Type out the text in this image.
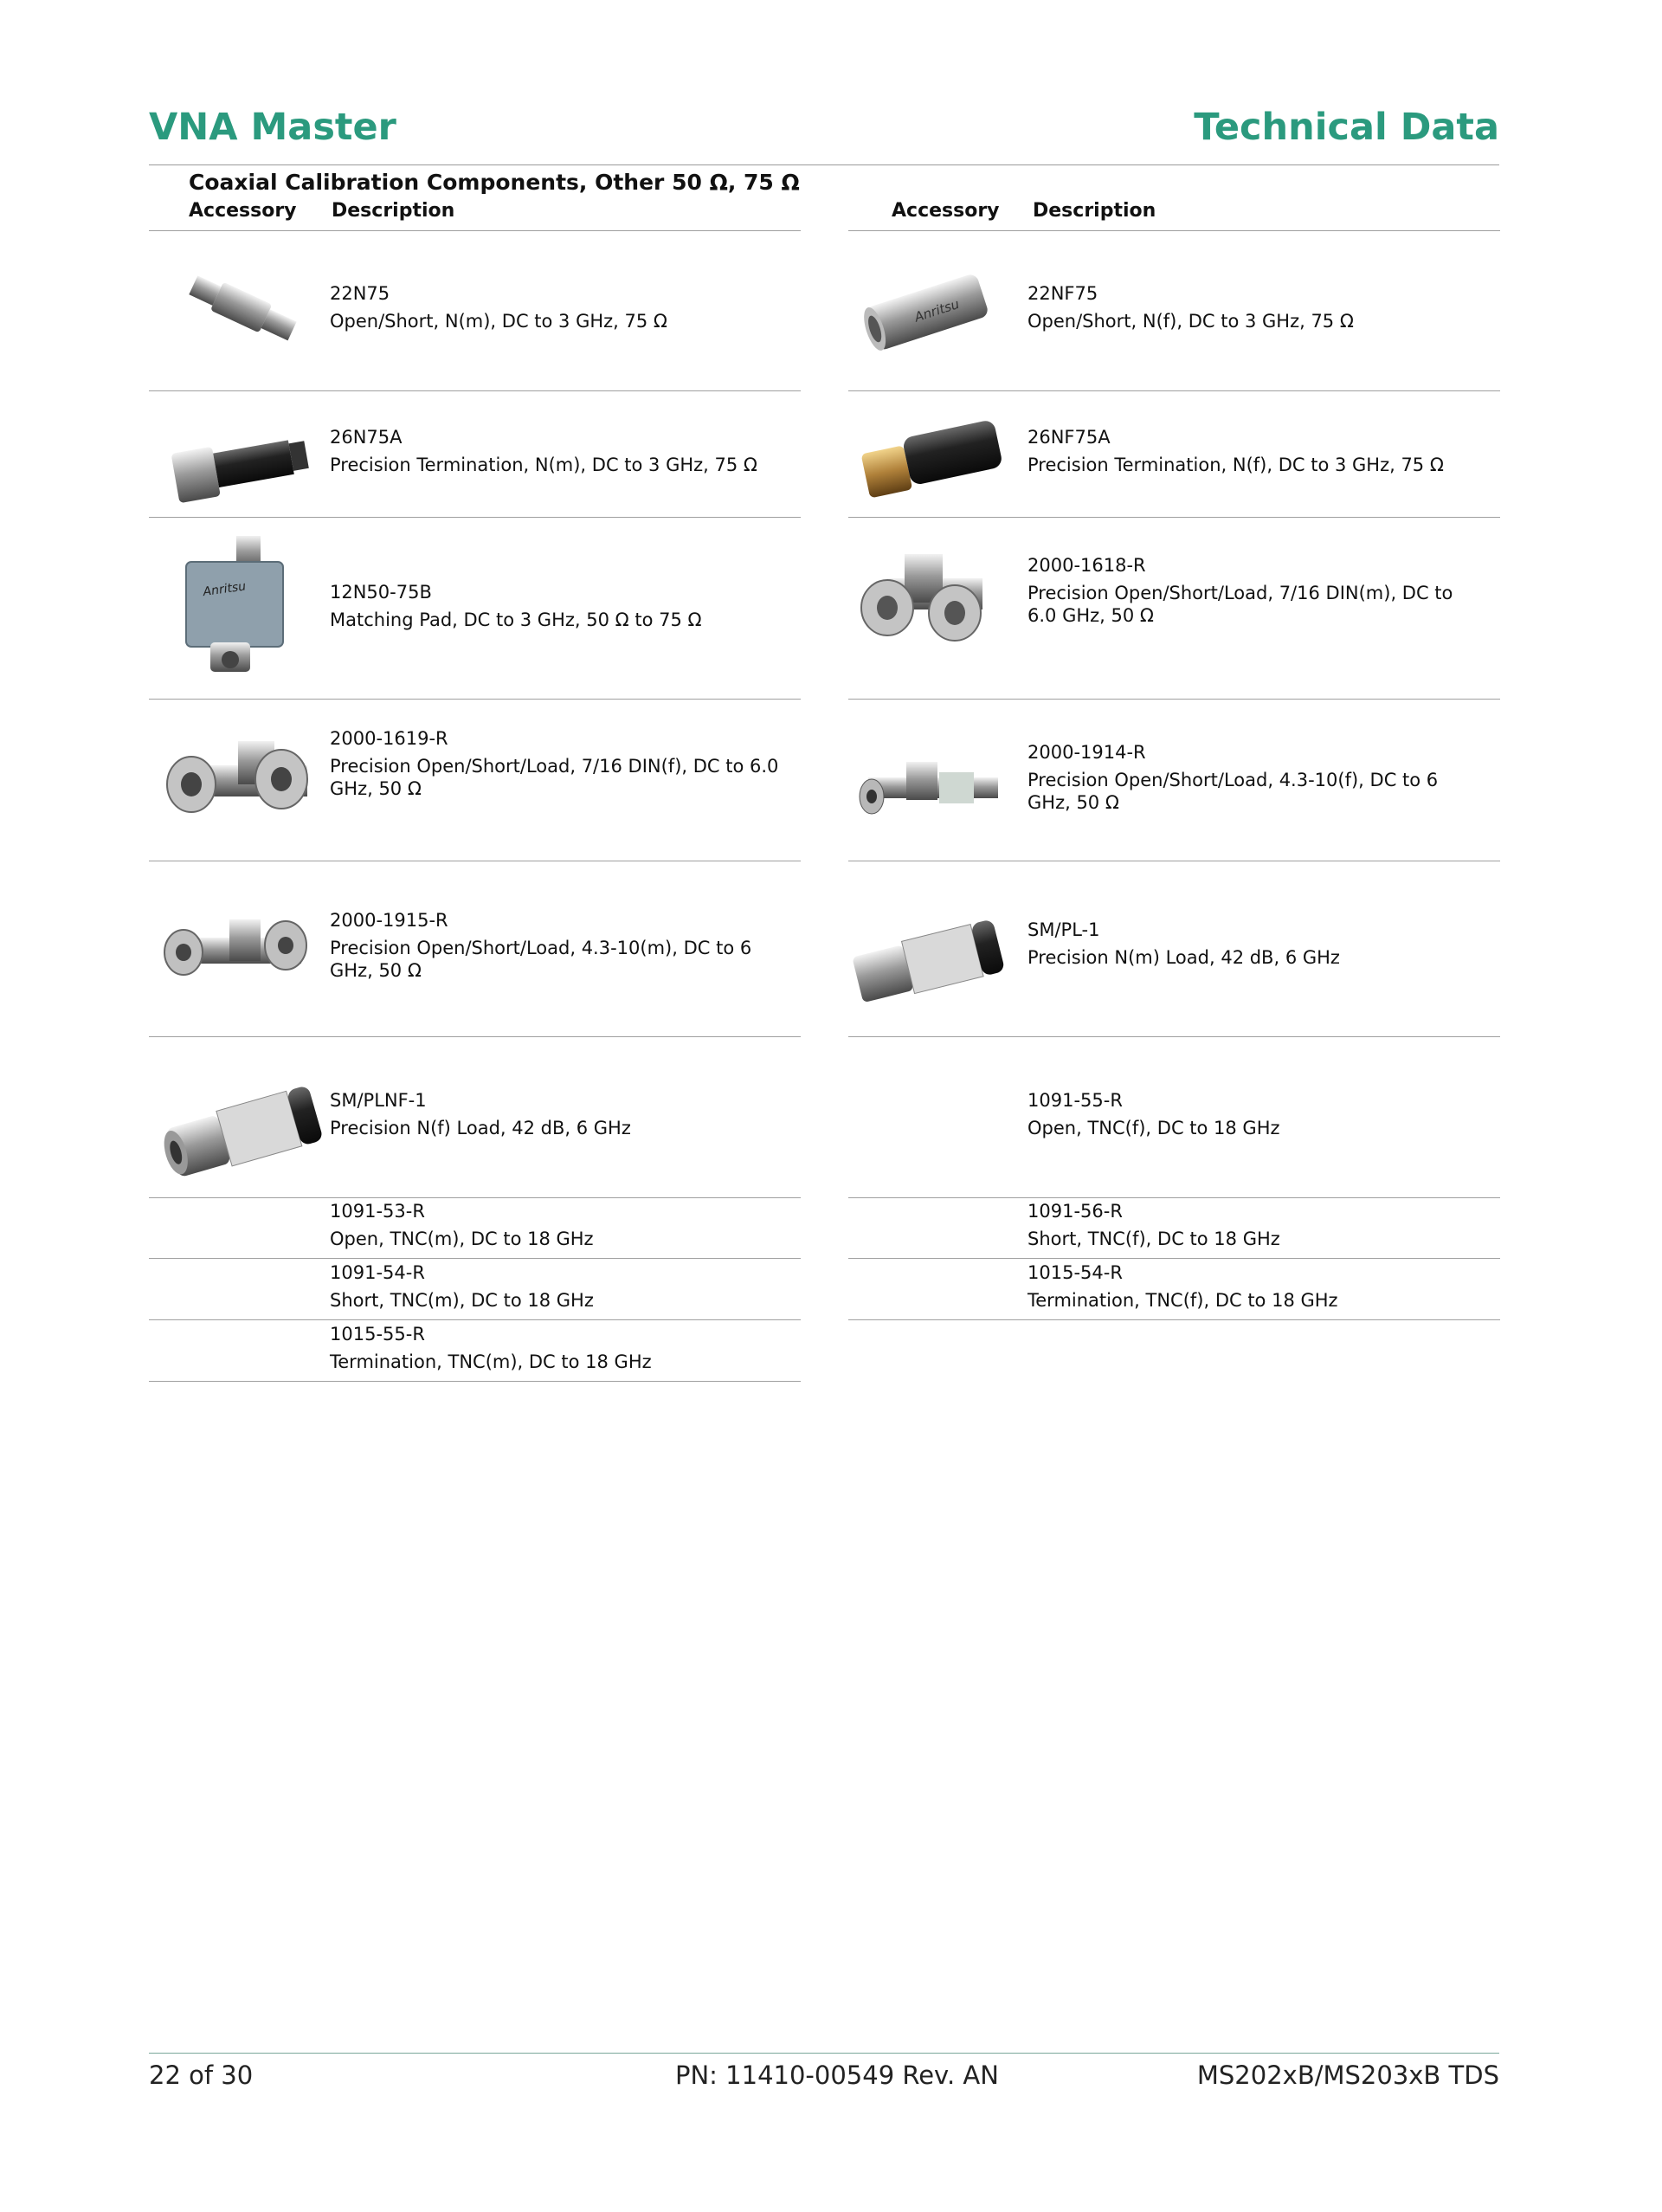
VNA Master	Technical Data
Coaxial Calibration Components, Other 50 Ω, 75 Ω
Accessory Description	Accessory Description
22N75
Open/Short, N(m), DC to 3 GHz, 75 Ω
26N75A
Precision Termination, N(m), DC to 3 GHz, 75 Ω
12N50-75B
Matching Pad, DC to 3 GHz, 50 Ω to 75 Ω
2000-1619-R
Precision Open/Short/Load, 7/16 DIN(f), DC to 6.0 GHz, 50 Ω
2000-1915-R
Precision Open/Short/Load, 4.3-10(m), DC to 6 GHz, 50 Ω
SM/PLNF-1
Precision N(f) Load, 42 dB, 6 GHz
1091-53-R
Open, TNC(m), DC to 18 GHz
1091-54-R
Short, TNC(m), DC to 18 GHz
1015-55-R
Termination, TNC(m), DC to 18 GHz
22NF75
Open/Short, N(f), DC to 3 GHz, 75 Ω
26NF75A
Precision Termination, N(f), DC to 3 GHz, 75 Ω
2000-1618-R
Precision Open/Short/Load, 7/16 DIN(m), DC to 6.0 GHz, 50 Ω
2000-1914-R
Precision Open/Short/Load, 4.3-10(f), DC to 6 GHz, 50 Ω
SM/PL-1
Precision N(m) Load, 42 dB, 6 GHz
1091-55-R
Open, TNC(f), DC to 18 GHz
1091-56-R
Short, TNC(f), DC to 18 GHz
1015-54-R
Termination, TNC(f), DC to 18 GHz
Anritsu
Anritsu
22 of 30	PN: 11410-00549 Rev. AN	MS202xB/MS203xB TDS
